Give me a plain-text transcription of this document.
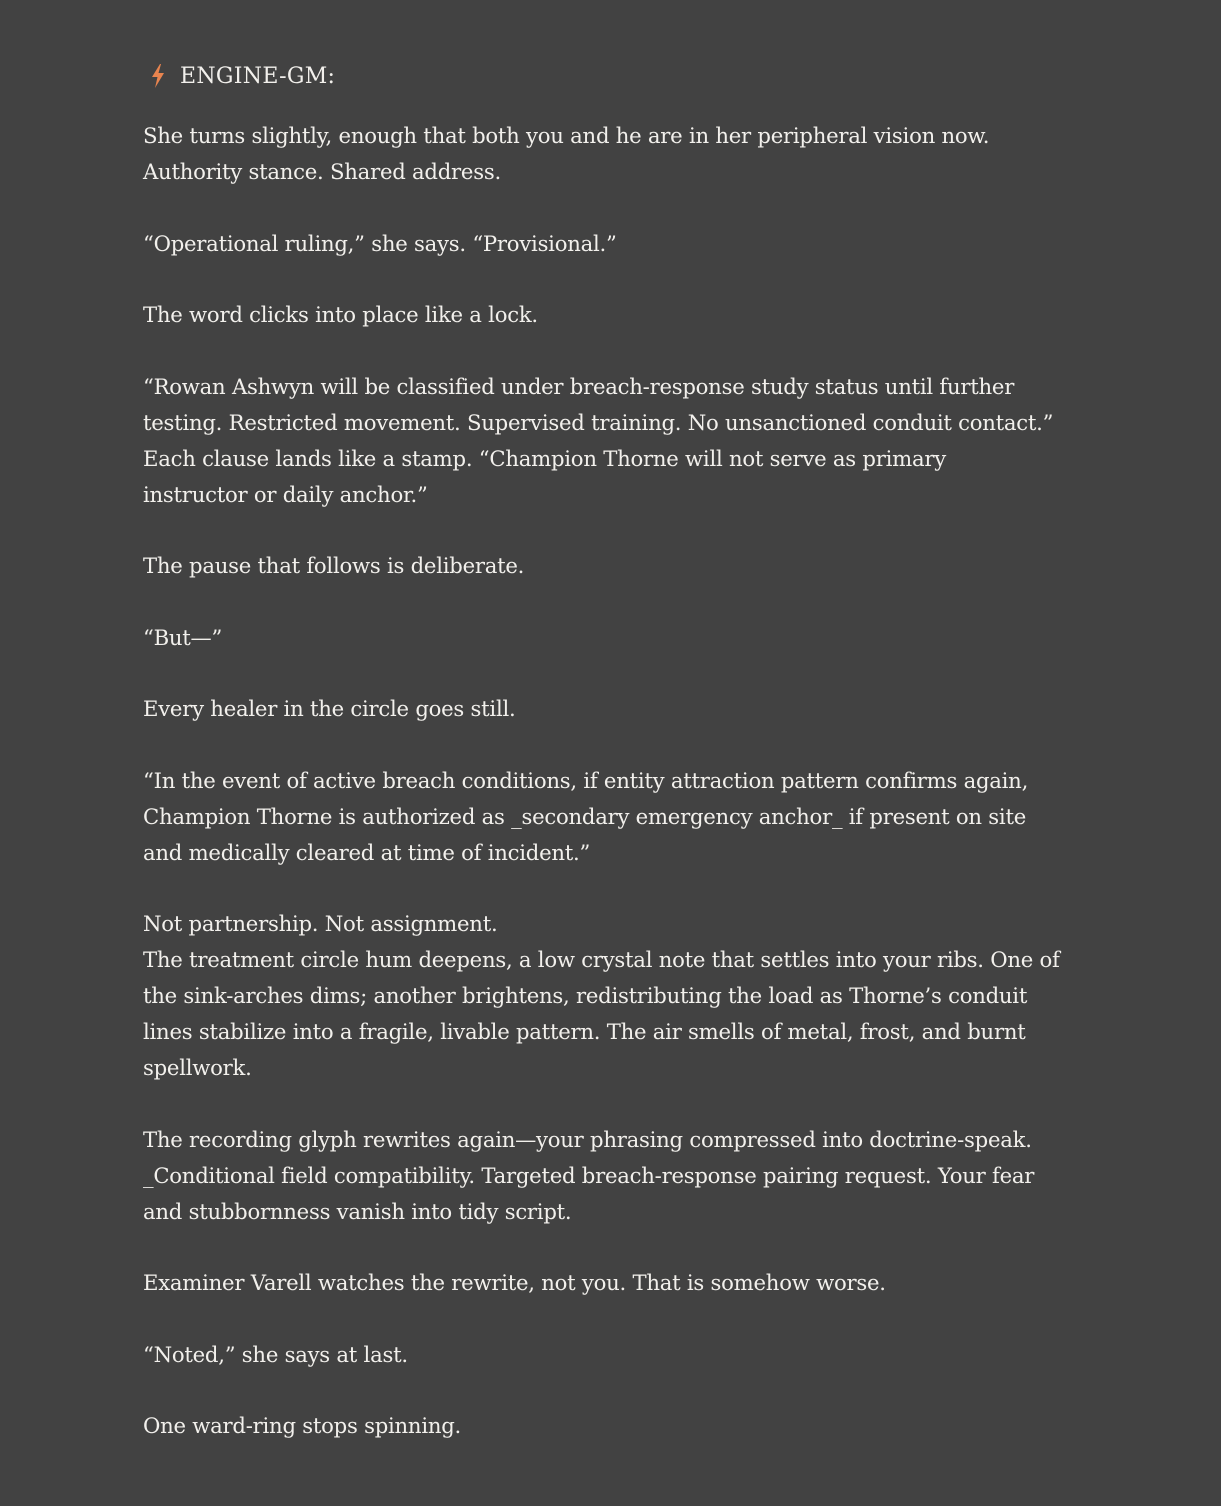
ENGINE-GM:

She turns slightly, enough that both you and he are in her peripheral vision now.
Authority stance. Shared address.

“Operational ruling,” she says. “Provisional.”

The word clicks into place like a lock.

“Rowan Ashwyn will be classified under breach-response study status until further
testing. Restricted movement. Supervised training. No unsanctioned conduit contact.”
Each clause lands like a stamp. “Champion Thorne will not serve as primary
instructor or daily anchor.”

The pause that follows is deliberate.

“But—”

Every healer in the circle goes still.

“In the event of active breach conditions, if entity attraction pattern confirms again,
Champion Thorne is authorized as _secondary emergency anchor_ if present on site
and medically cleared at time of incident.”

Not partnership. Not assignment.

The treatment circle hum deepens, a low crystal note that settles into your ribs. One of
the sink-arches dims; another brightens, redistributing the load as Thorne’s conduit
lines stabilize into a fragile, livable pattern. The air smells of metal, frost, and burnt
spellwork.

The recording glyph rewrites again—your phrasing compressed into doctrine-speak.
_Conditional field compatibility. Targeted breach-response pairing request. Your fear
and stubbornness vanish into tidy script.

Examiner Varell watches the rewrite, not you. That is somehow worse.

“Noted,” she says at last.

One ward-ring stops spinning.
